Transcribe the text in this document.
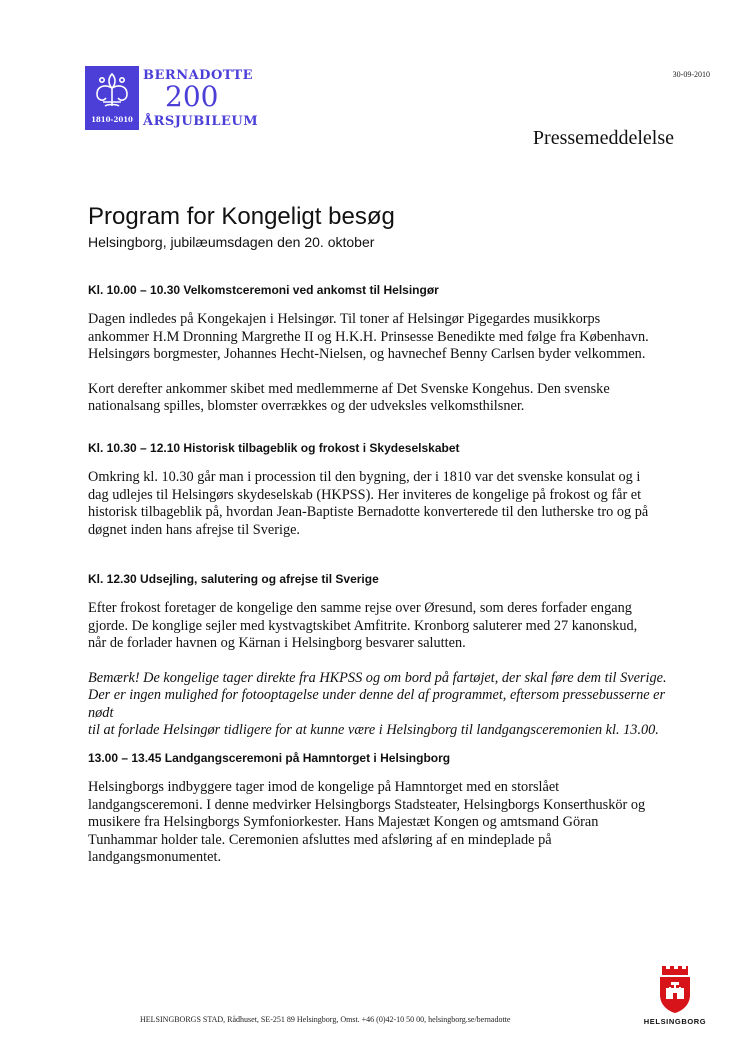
1810-2010
BERNADOTTE
200
ÅRSJUBILEUM
30-09-2010
Pressemeddelelse
Program for Kongeligt besøg
Helsingborg, jubilæumsdagen den 20. oktober

Kl. 10.00 – 10.30 Velkomstceremoni ved ankomst til Helsingør

Dagen indledes på Kongekajen i Helsingør. Til toner af Helsingør Pigegardes musikkorps
ankommer H.M Dronning Margrethe II og H.K.H. Prinsesse Benedikte med følge fra København.
Helsingørs borgmester, Johannes Hecht-Nielsen, og havnechef Benny Carlsen byder velkommen.

Kort derefter ankommer skibet med medlemmerne af Det Svenske Kongehus. Den svenske
nationalsang spilles, blomster overrækkes og der udveksles velkomsthilsner.

Kl. 10.30 – 12.10 Historisk tilbageblik og frokost i Skydeselskabet

Omkring kl. 10.30 går man i procession til den bygning, der i 1810 var det svenske konsulat og i
dag udlejes til Helsingørs skydeselskab (HKPSS). Her inviteres de kongelige på frokost og får et
historisk tilbageblik på, hvordan Jean-Baptiste Bernadotte konverterede til den lutherske tro og på
døgnet inden hans afrejse til Sverige.

Kl. 12.30 Udsejling, salutering og afrejse til Sverige

Efter frokost foretager de kongelige den samme rejse over Øresund, som deres forfader engang
gjorde. De konglige sejler med kystvagtskibet Amfitrite. Kronborg saluterer med 27 kanonskud,
når de forlader havnen og Kärnan i Helsingborg besvarer salutten.

Bemærk! De kongelige tager direkte fra HKPSS og om bord på fartøjet, der skal føre dem til Sverige.
Der er ingen mulighed for fotooptagelse under denne del af programmet, eftersom pressebusserne er nødt
til at forlade Helsingør tidligere for at kunne være i Helsingborg til landgangsceremonien kl. 13.00.

13.00 – 13.45 Landgangsceremoni på Hamntorget i Helsingborg

Helsingborgs indbyggere tager imod de kongelige på Hamntorget med en storslået
landgangsceremoni. I denne medvirker Helsingborgs Stadsteater, Helsingborgs Konserthuskör og
musikere fra Helsingborgs Symfoniorkester. Hans Majestæt Kongen og amtsmand Göran
Tunhammar holder tale. Ceremonien afsluttes med afsløring af en mindeplade på
landgangsmonumentet.

HELSINGBORGS STAD, Rådhuset, SE-251 89 Helsingborg, Omst. +46 (0)42-10 50 00, helsingborg.se/bernadotte	HELSINGBORG
